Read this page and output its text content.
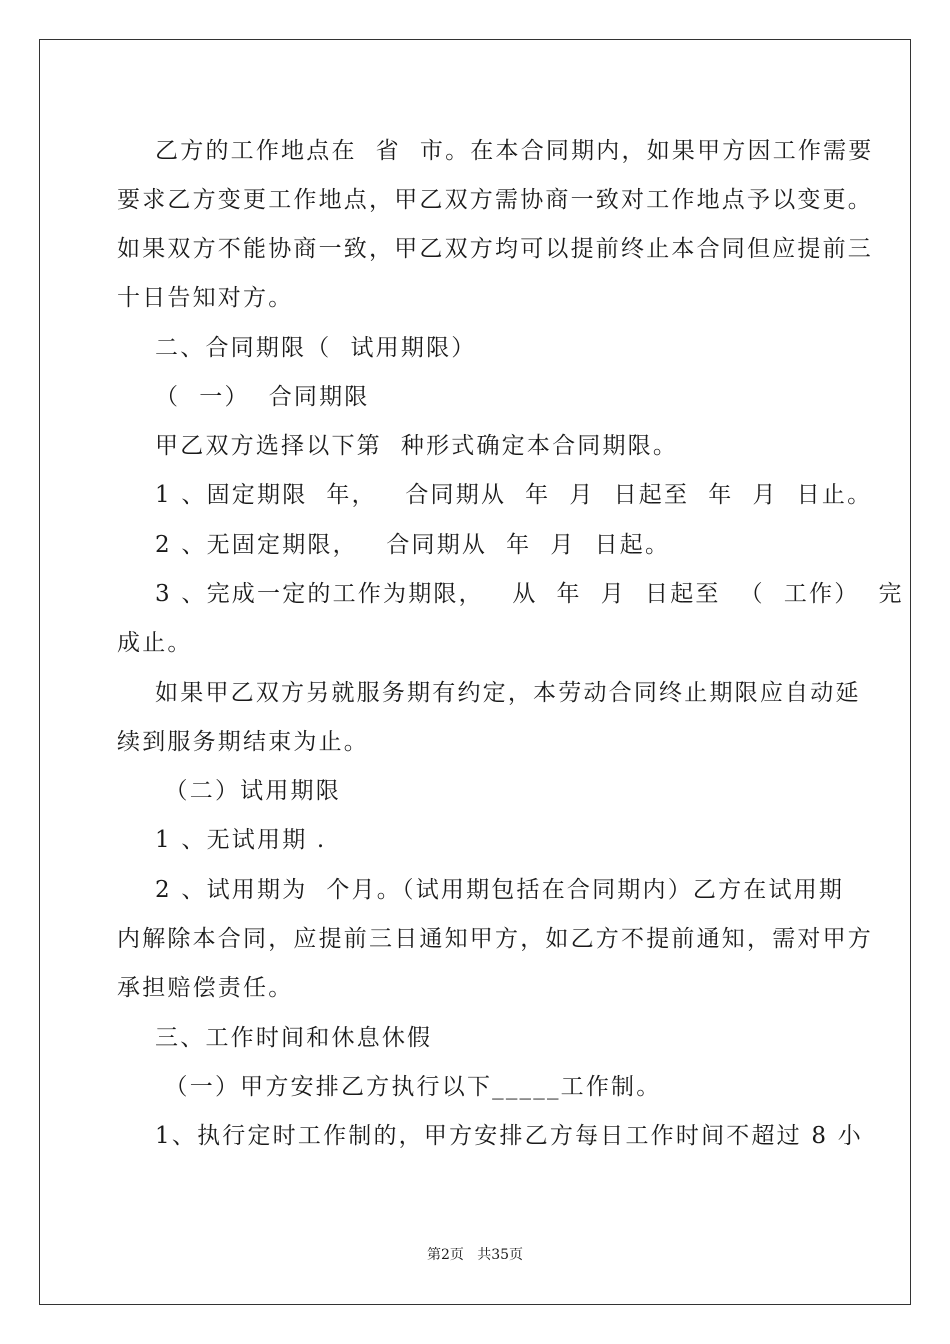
乙方的工作地点在  省  市。在本合同期内，如果甲方因工作需要
要求乙方变更工作地点，甲乙双方需协商一致对工作地点予以变更。
如果双方不能协商一致，甲乙双方均可以提前终止本合同但应提前三
十日告知对方。
二、合同期限（  试用期限）
（  一）  合同期限
甲乙双方选择以下第  种形式确定本合同期限。
1 、固定期限  年，   合同期从  年  月  日起至  年  月  日止。
2 、无固定期限，   合同期从  年  月  日起。
3 、完成一定的工作为期限，   从  年  月  日起至  （  工作）  完
成止。
如果甲乙双方另就服务期有约定，本劳动合同终止期限应自动延
续到服务期结束为止。
（二）试用期限
1 、无试用期 .
2 、试用期为  个月。（试用期包括在合同期内）乙方在试用期
内解除本合同，应提前三日通知甲方，如乙方不提前通知，需对甲方
承担赔偿责任。
三、工作时间和休息休假
（一）甲方安排乙方执行以下_____工作制。
1、执行定时工作制的，甲方安排乙方每日工作时间不超过 8 小
第2页   共35页
